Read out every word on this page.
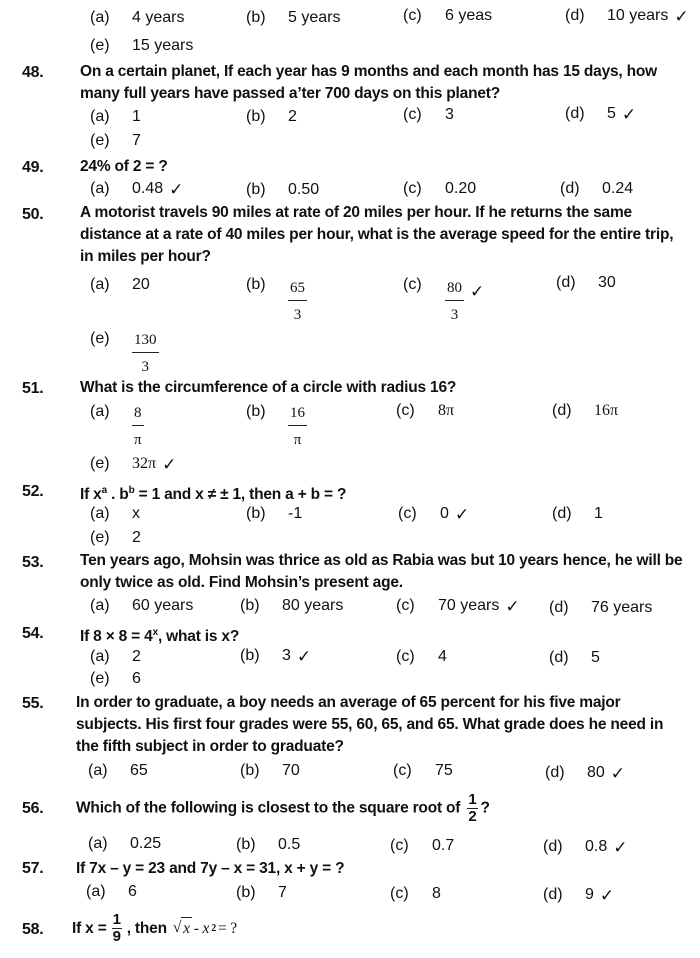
(a)	4 years	(b)	5 years	(c)	6 yeas	(d)	10 years ✓
(e)	15 years
48. On a certain planet, If each year has 9 months and each month has 15 days, how many full years have passed a’ter 700 days on this planet?
(a)	1	(b)	2	(c)	3	(d)	5 ✓
(e)	7
49. 24% of 2 = ?
(a)	0.48 ✓	(b)	0.50	(c)	0.20	(d)	0.24
50. A motorist travels 90 miles at rate of 20 miles per hour. If he returns the same distance at a rate of 40 miles per hour, what is the average speed for the entire trip, in miles per hour?
(a)	20	(b)	$\frac{65}{3}$	(c)	$\frac{80}{3}$ ✓	(d)	30
(e)	$\frac{130}{3}$
51. What is the circumference of a circle with radius 16?
(a)	$\frac{8}{\pi}$	(b)	$\frac{16}{\pi}$	(c)	8π	(d)	16π
(e)	32π ✓
52. If $x^a$ . $b^b = 1$ and x ≠ ± 1, then a + b = ?
(a)	x	(b)	-1	(c)	0 ✓	(d)	1
(e)	2
53. Ten years ago, Mohsin was thrice as old as Rabia was but 10 years hence, he will be only twice as old. Find Mohsin’s present age.
(a)	60 years	(b)	80 years	(c)	70 years ✓ (d)	76 years
54. If $8 \times 8 = 4^x$, what is x?
(a)	2	(b)	3 ✓	(c)	4	(d)	5
(e)	6
55. In order to graduate, a boy needs an average of 65 percent for his five major subjects. His first four grades were 55, 60, 65, and 65. What grade does he need in the fifth subject in order to graduate?
(a)	65	(b)	70	(c)	75	(d)	80 ✓
56. Which of the following is closest to the square root of $\frac{1}{2}$ ?
(a)	0.25	(b)	0.5	(c)	0.7	(d)	0.8 ✓
57. If 7x – y = 23 and 7y – x = 31, x + y = ?
(a)	6	(b)	7	(c)	8	(d)	9 ✓
58. If $x = \frac{1}{9}$ , then √ x - x 2 = ?
